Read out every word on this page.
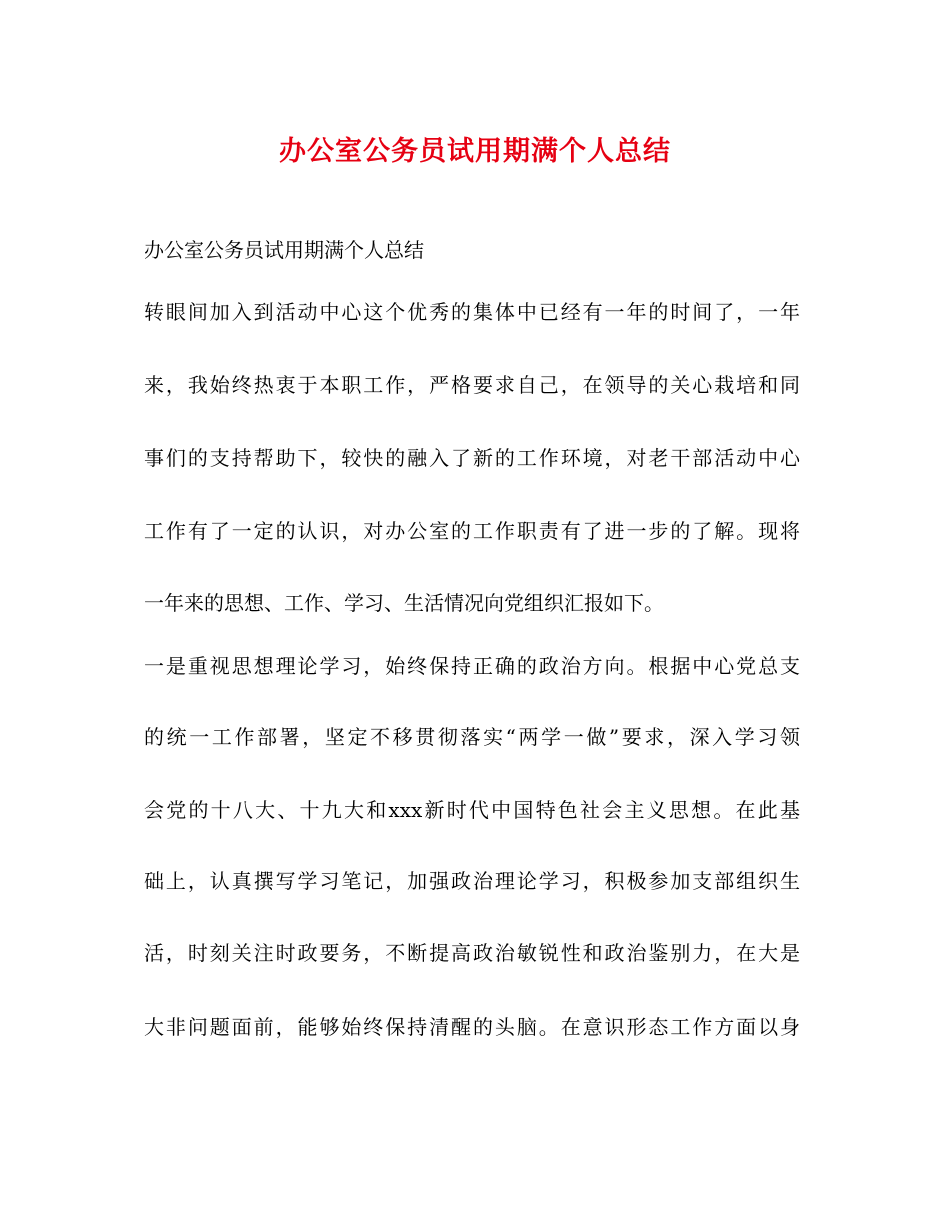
办公室公务员试用期满个人总结
办公室公务员试用期满个人总结
转眼间加入到活动中心这个优秀的集体中已经有一年的时间了，一年
来，我始终热衷于本职工作，严格要求自己，在领导的关心栽培和同
事们的支持帮助下，较快的融入了新的工作环境，对老干部活动中心
工作有了一定的认识，对办公室的工作职责有了进一步的了解。现将
一年来的思想、工作、学习、生活情况向党组织汇报如下。
一是重视思想理论学习，始终保持正确的政治方向。根据中心党总支
的统一工作部署，坚定不移贯彻落实“两学一做”要求，深入学习领
会党的十八大、十九大和xxx新时代中国特色社会主义思想。在此基
础上，认真撰写学习笔记，加强政治理论学习，积极参加支部组织生
活，时刻关注时政要务，不断提高政治敏锐性和政治鉴别力，在大是
大非问题面前，能够始终保持清醒的头脑。在意识形态工作方面以身
